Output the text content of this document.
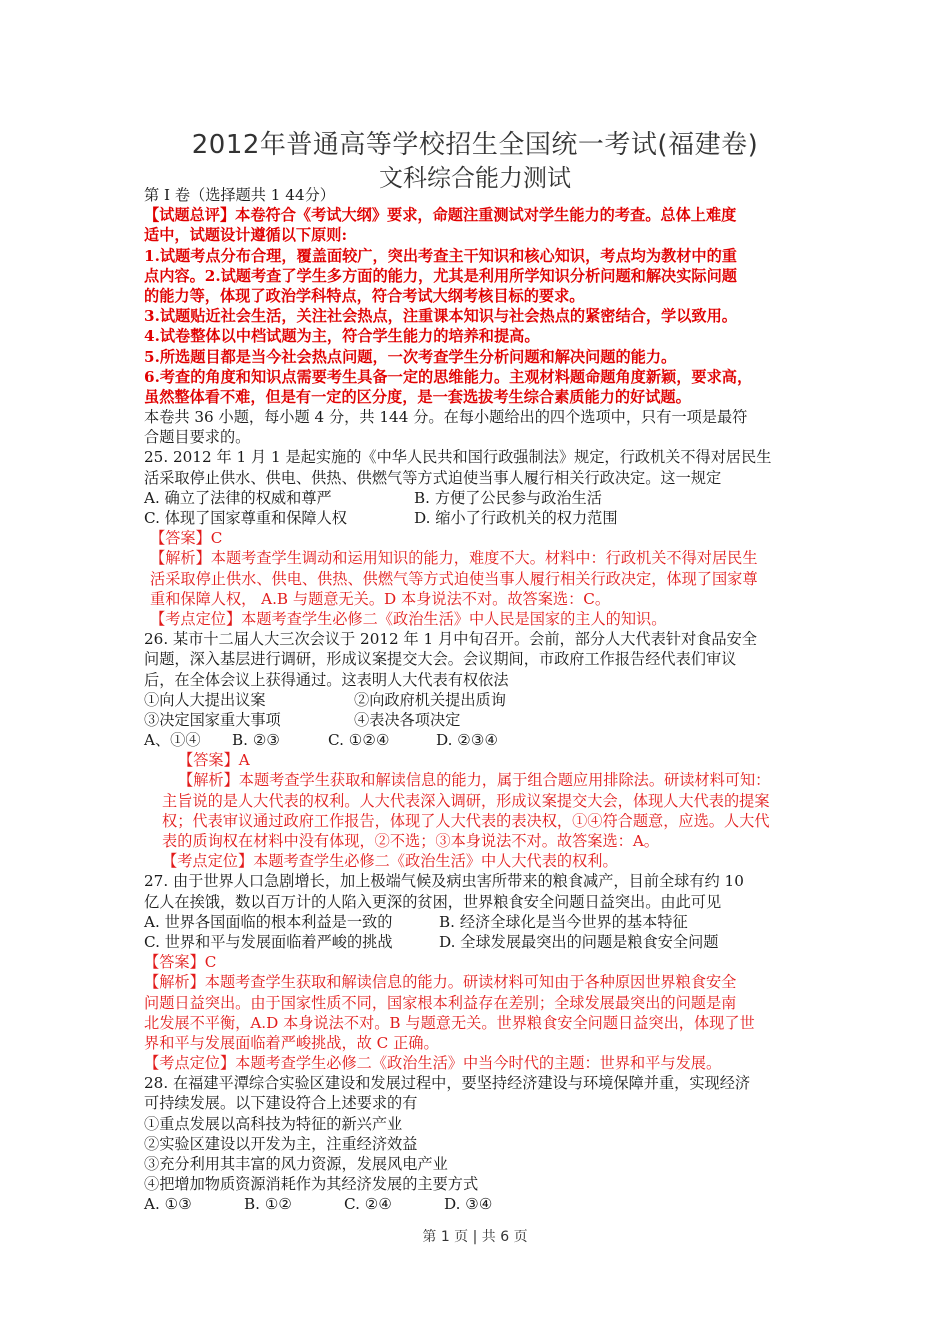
2012年普通高等学校招生全国统一考试(福建卷)
文科综合能力测试
第 I 卷（选择题共 1 44分）
【试题总评】本卷符合《考试大纲》要求，命题注重测试对学生能力的考查。总体上难度
适中，试题设计遵循以下原则:
1.试题考点分布合理，覆盖面较广，突出考查主干知识和核心知识，考点均为教材中的重
点内容。2.试题考查了学生多方面的能力，尤其是利用所学知识分析问题和解决实际问题
的能力等，体现了政治学科特点，符合考试大纲考核目标的要求。
3.试题贴近社会生活，关注社会热点，注重课本知识与社会热点的紧密结合，学以致用。
4.试卷整体以中档试题为主，符合学生能力的培养和提高。
5.所选题目都是当今社会热点问题，一次考查学生分析问题和解决问题的能力。
6.考查的角度和知识点需要考生具备一定的思维能力。主观材料题命题角度新颖，要求高，
虽然整体看不难，但是有一定的区分度，是一套选拔考生综合素质能力的好试题。
本卷共 36 小题，每小题 4 分，共 144 分。在每小题给出的四个选项中，只有一项是最符
合题目要求的。
25. 2012 年 1 月 1 是起实施的《中华人民共和国行政强制法》规定，行政机关不得对居民生
活采取停止供水、供电、供热、供燃气等方式迫使当事人履行相关行政决定。这一规定
A. 确立了法律的权威和尊严	B. 方便了公民参与政治生活
C. 体现了国家尊重和保障人权	D. 缩小了行政机关的权力范围
【答案】C
【解析】本题考查学生调动和运用知识的能力，难度不大。材料中：行政机关不得对居民生
活采取停止供水、供电、供热、供燃气等方式迫使当事人履行相关行政决定，体现了国家尊
重和保障人权， A.B 与题意无关。D 本身说法不对。故答案选：C。
【考点定位】本题考查学生必修二《政治生活》中人民是国家的主人的知识。
26. 某市十二届人大三次会议于 2012 年 1 月中旬召开。会前，部分人大代表针对食品安全
问题，深入基层进行调研，形成议案提交大会。会议期间，市政府工作报告经代表们审议
后，在全体会议上获得通过。这表明人大代表有权依法
①向人大提出议案	②向政府机关提出质询
③决定国家重大事项	④表决各项决定
A、①④ B. ②③	C. ①②④	D. ②③④
【答案】A
【解析】本题考查学生获取和解读信息的能力，属于组合题应用排除法。研读材料可知：
主旨说的是人大代表的权利。人大代表深入调研，形成议案提交大会，体现人大代表的提案
权；代表审议通过政府工作报告，体现了人大代表的表决权，①④符合题意，应选。人大代
表的质询权在材料中没有体现，②不选；③本身说法不对。故答案选：A。
【考点定位】本题考查学生必修二《政治生活》中人大代表的权利。
27. 由于世界人口急剧增长，加上极端气候及病虫害所带来的粮食减产，目前全球有约 10
亿人在挨饿，数以百万计的人陷入更深的贫困，世界粮食安全问题日益突出。由此可见
A. 世界各国面临的根本利益是一致的	B. 经济全球化是当今世界的基本特征
C. 世界和平与发展面临着严峻的挑战	D. 全球发展最突出的问题是粮食安全问题
【答案】C
【解析】本题考查学生获取和解读信息的能力。研读材料可知由于各种原因世界粮食安全
问题日益突出。由于国家性质不同，国家根本利益存在差别；全球发展最突出的问题是南
北发展不平衡，A.D 本身说法不对。B 与题意无关。世界粮食安全问题日益突出，体现了世
界和平与发展面临着严峻挑战，故 C 正确。
【考点定位】本题考查学生必修二《政治生活》中当今时代的主题：世界和平与发展。
28. 在福建平潭综合实验区建设和发展过程中，要坚持经济建设与环境保障并重，实现经济
可持续发展。以下建设符合上述要求的有
①重点发展以高科技为特征的新兴产业
②实验区建设以开发为主，注重经济效益
③充分利用其丰富的风力资源，发展风电产业
④把增加物质资源消耗作为其经济发展的主要方式
A. ①③	B. ①②	C. ②④	D. ③④
第 1 页 | 共 6 页
